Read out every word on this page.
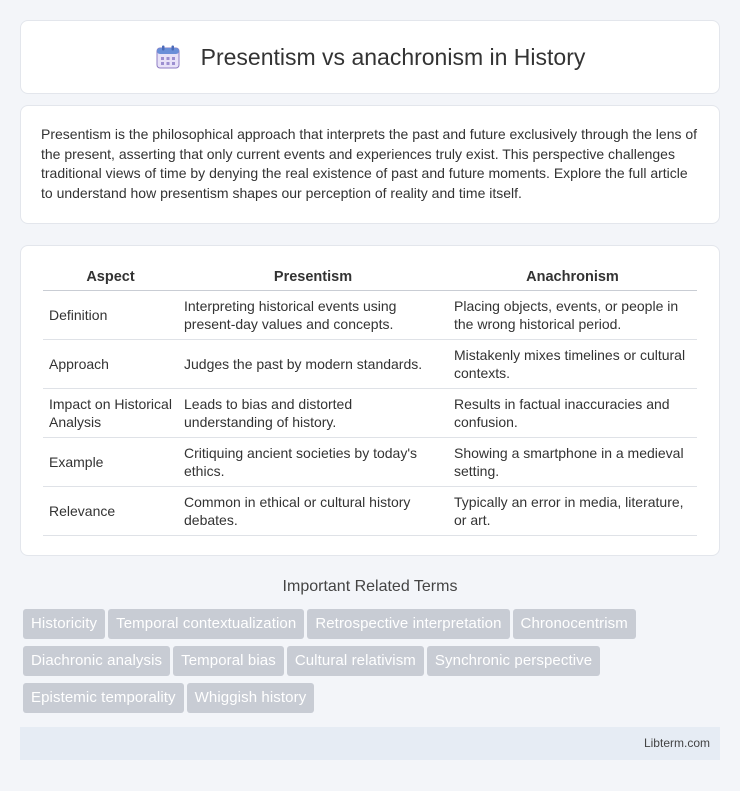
Presentism vs anachronism in History

Presentism is the philosophical approach that interprets the past and future exclusively through the lens of the present, asserting that only current events and experiences truly exist. This perspective challenges traditional views of time by denying the real existence of past and future moments. Explore the full article to understand how presentism shapes our perception of reality and time itself.

Aspect	Presentism	Anachronism
Definition	Interpreting historical events using present-day values and concepts.	Placing objects, events, or people in the wrong historical period.
Approach	Judges the past by modern standards.	Mistakenly mixes timelines or cultural contexts.
Impact on Historical Analysis	Leads to bias and distorted understanding of history.	Results in factual inaccuracies and confusion.
Example	Critiquing ancient societies by today's ethics.	Showing a smartphone in a medieval setting.
Relevance	Common in ethical or cultural history debates.	Typically an error in media, literature, or art.
Important Related Terms
Historicity Temporal contextualization Retrospective interpretation Chronocentrism
Diachronic analysis Temporal bias Cultural relativism Synchronic perspective
Epistemic temporality Whiggish history
Libterm.com
